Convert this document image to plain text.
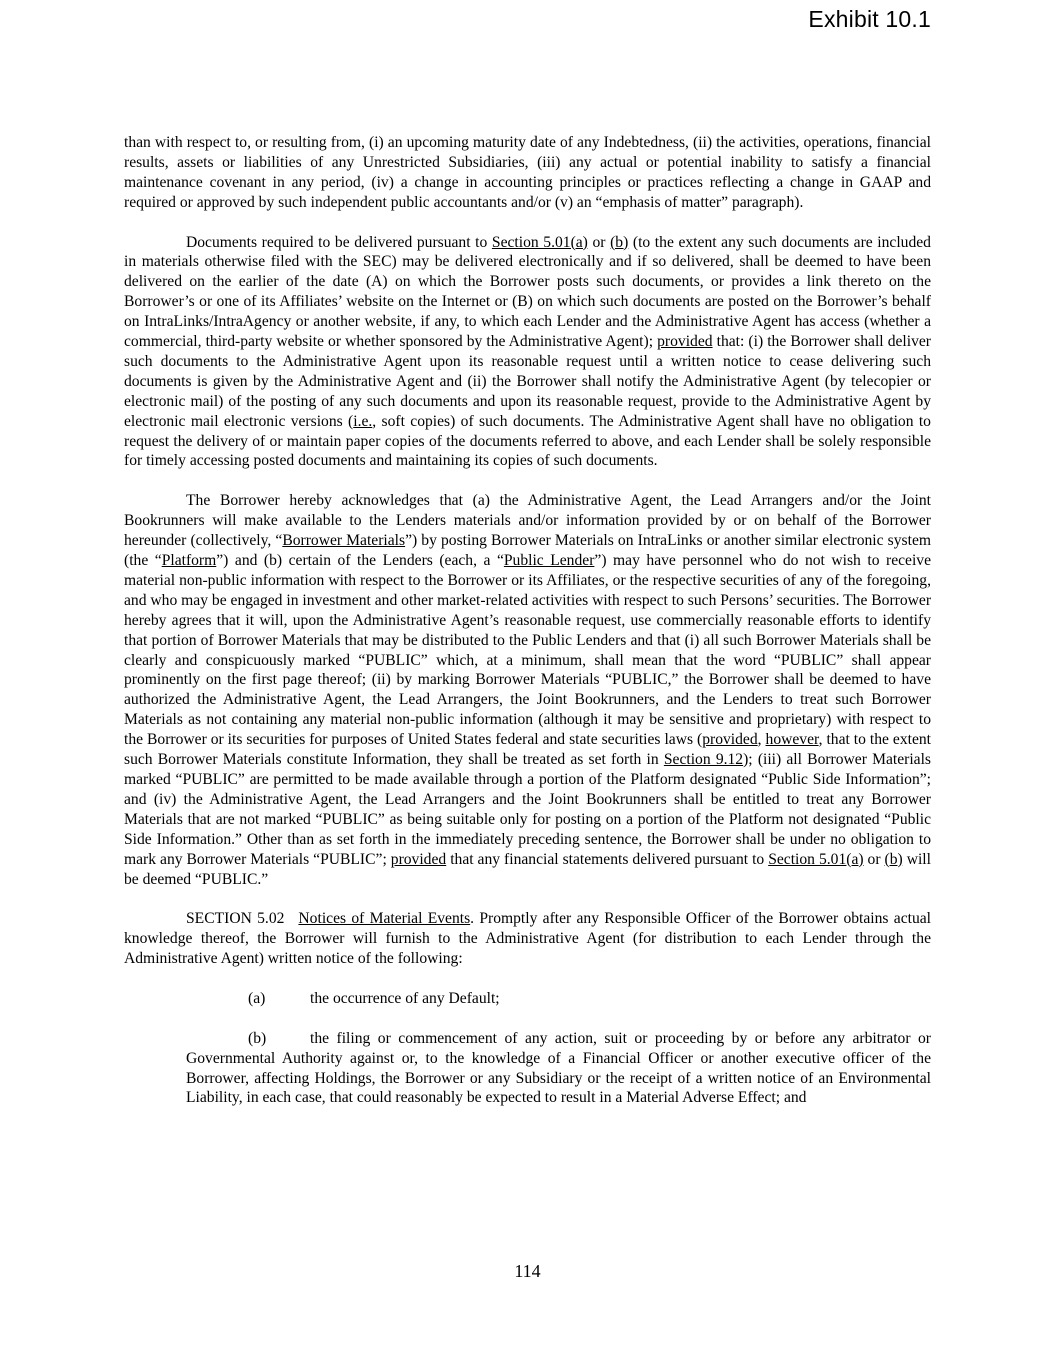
Exhibit 10.1

than with respect to, or resulting from, (i) an upcoming maturity date of any Indebtedness, (ii) the activities, operations, financial results, assets or liabilities of any Unrestricted Subsidiaries, (iii) any actual or potential inability to satisfy a financial maintenance covenant in any period, (iv) a change in accounting principles or practices reflecting a change in GAAP and required or approved by such independent public accountants and/or (v) an “emphasis of matter” paragraph).

Documents required to be delivered pursuant to Section 5.01(a) or (b) (to the extent any such documents are included in materials otherwise filed with the SEC) may be delivered electronically and if so delivered, shall be deemed to have been delivered on the earlier of the date (A) on which the Borrower posts such documents, or provides a link thereto on the Borrower’s or one of its Affiliates’ website on the Internet or (B) on which such documents are posted on the Borrower’s behalf on IntraLinks/IntraAgency or another website, if any, to which each Lender and the Administrative Agent has access (whether a commercial, third-party website or whether sponsored by the Administrative Agent); provided that: (i) the Borrower shall deliver such documents to the Administrative Agent upon its reasonable request until a written notice to cease delivering such documents is given by the Administrative Agent and (ii) the Borrower shall notify the Administrative Agent (by telecopier or electronic mail) of the posting of any such documents and upon its reasonable request, provide to the Administrative Agent by electronic mail electronic versions (i.e., soft copies) of such documents. The Administrative Agent shall have no obligation to request the delivery of or maintain paper copies of the documents referred to above, and each Lender shall be solely responsible for timely accessing posted documents and maintaining its copies of such documents.

The Borrower hereby acknowledges that (a) the Administrative Agent, the Lead Arrangers and/or the Joint Bookrunners will make available to the Lenders materials and/or information provided by or on behalf of the Borrower hereunder (collectively, “Borrower Materials”) by posting Borrower Materials on IntraLinks or another similar electronic system (the “Platform”) and (b) certain of the Lenders (each, a “Public Lender”) may have personnel who do not wish to receive material non-public information with respect to the Borrower or its Affiliates, or the respective securities of any of the foregoing, and who may be engaged in investment and other market-related activities with respect to such Persons’ securities. The Borrower hereby agrees that it will, upon the Administrative Agent’s reasonable request, use commercially reasonable efforts to identify that portion of Borrower Materials that may be distributed to the Public Lenders and that (i) all such Borrower Materials shall be clearly and conspicuously marked “PUBLIC” which, at a minimum, shall mean that the word “PUBLIC” shall appear prominently on the first page thereof; (ii) by marking Borrower Materials “PUBLIC,” the Borrower shall be deemed to have authorized the Administrative Agent, the Lead Arrangers, the Joint Bookrunners, and the Lenders to treat such Borrower Materials as not containing any material non-public information (although it may be sensitive and proprietary) with respect to the Borrower or its securities for purposes of United States federal and state securities laws (provided, however, that to the extent such Borrower Materials constitute Information, they shall be treated as set forth in Section 9.12); (iii) all Borrower Materials marked “PUBLIC” are permitted to be made available through a portion of the Platform designated “Public Side Information”; and (iv) the Administrative Agent, the Lead Arrangers and the Joint Bookrunners shall be entitled to treat any Borrower Materials that are not marked “PUBLIC” as being suitable only for posting on a portion of the Platform not designated “Public Side Information.” Other than as set forth in the immediately preceding sentence, the Borrower shall be under no obligation to mark any Borrower Materials “PUBLIC”; provided that any financial statements delivered pursuant to Section 5.01(a) or (b) will be deemed “PUBLIC.”

SECTION 5.02 Notices of Material Events. Promptly after any Responsible Officer of the Borrower obtains actual knowledge thereof, the Borrower will furnish to the Administrative Agent (for distribution to each Lender through the Administrative Agent) written notice of the following:

(a)	the occurrence of any Default;

(b)	the filing or commencement of any action, suit or proceeding by or before any arbitrator or Governmental Authority against or, to the knowledge of a Financial Officer or another executive officer of the Borrower, affecting Holdings, the Borrower or any Subsidiary or the receipt of a written notice of an Environmental Liability, in each case, that could reasonably be expected to result in a Material Adverse Effect; and

114
